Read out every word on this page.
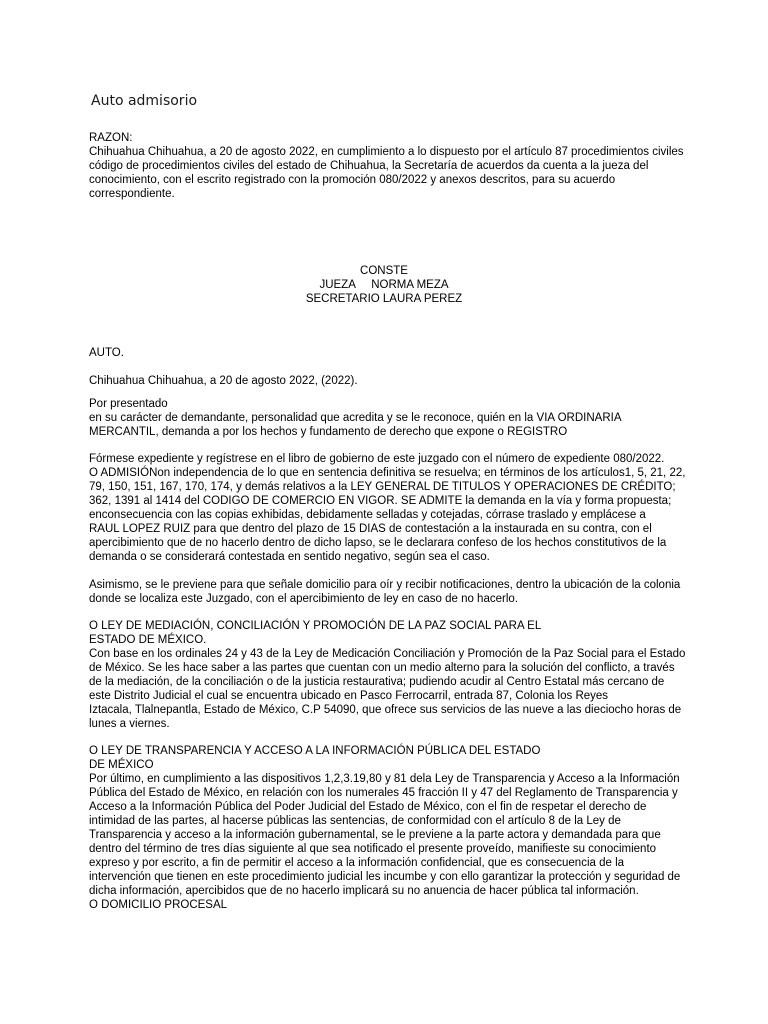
Auto admisorio

RAZON:

Chihuahua Chihuahua, a 20 de agosto 2022, en cumplimiento a lo dispuesto por el artículo 87 procedimientos civiles

código de procedimientos civiles del estado de Chihuahua, la Secretaría de acuerdos da cuenta a la jueza del

conocimiento, con el escrito registrado con la promoción 080/2022 y anexos descritos, para su acuerdo

correspondiente.

CONSTE

JUEZA     NORMA MEZA

SECRETARIO LAURA PEREZ

AUTO.

Chihuahua Chihuahua, a 20 de agosto 2022, (2022).

Por presentado

en su carácter de demandante, personalidad que acredita y se le reconoce, quién en la VIA ORDINARIA

MERCANTIL, demanda a por los hechos y fundamento de derecho que expone o REGISTRO

Fórmese expediente y regístrese en el libro de gobierno de este juzgado con el número de expediente 080/2022.

O ADMISIÓNon independencia de lo que en sentencia definitiva se resuelva; en términos de los artículos1, 5, 21, 22,

79, 150, 151, 167, 170, 174, y demás relativos a la LEY GENERAL DE TITULOS Y OPERACIONES DE CRÉDITO;

362, 1391 al 1414 del CODIGO DE COMERCIO EN VIGOR. SE ADMITE la demanda en la vía y forma propuesta;

enconsecuencia con las copias exhibidas, debidamente selladas y cotejadas, córrase traslado y emplácese a

RAUL LOPEZ RUIZ para que dentro del plazo de 15 DIAS de contestación a la instaurada en su contra, con el

apercibimiento que de no hacerlo dentro de dicho lapso, se le declarara confeso de los hechos constitutivos de la

demanda o se considerará contestada en sentido negativo, según sea el caso.

Asimismo, se le previene para que señale domicilio para oír y recibir notificaciones, dentro la ubicación de la colonia

donde se localiza este Juzgado, con el apercibimiento de ley en caso de no hacerlo.

O LEY DE MEDIACIÓN, CONCILIACIÓN Y PROMOCIÓN DE LA PAZ SOCIAL PARA EL

ESTADO DE MÉXICO.

Con base en los ordinales 24 y 43 de la Ley de Medicación Conciliación y Promoción de la Paz Social para el Estado

de México. Se les hace saber a las partes que cuentan con un medio alterno para la solución del conflicto, a través

de la mediación, de la conciliación o de la justicia restaurativa; pudiendo acudir al Centro Estatal más cercano de

este Distrito Judicial el cual se encuentra ubicado en Pasco Ferrocarril, entrada 87, Colonia los Reyes

Iztacala, Tlalnepantla, Estado de México, C.P 54090, que ofrece sus servicios de las nueve a las dieciocho horas de

lunes a viernes.

O LEY DE TRANSPARENCIA Y ACCESO A LA INFORMACIÓN PÚBLICA DEL ESTADO

DE MÉXICO

Por último, en cumplimiento a las dispositivos 1,2,3.19,80 y 81 dela Ley de Transparencia y Acceso a la Información

Pública del Estado de México, en relación con los numerales 45 fracción II y 47 del Reglamento de Transparencia y

Acceso a la Información Pública del Poder Judicial del Estado de México, con el fin de respetar el derecho de

intimidad de las partes, al hacerse públicas las sentencias, de conformidad con el artículo 8 de la Ley de

Transparencia y acceso a la información gubernamental, se le previene a la parte actora y demandada para que

dentro del término de tres días siguiente al que sea notificado el presente proveído, manifieste su conocimiento

expreso y por escrito, a fin de permitir el acceso a la información confidencial, que es consecuencia de la

intervención que tienen en este procedimiento judicial les incumbe y con ello garantizar la protección y seguridad de

dicha información, apercibidos que de no hacerlo implicará su no anuencia de hacer pública tal información.

O DOMICILIO PROCESAL
